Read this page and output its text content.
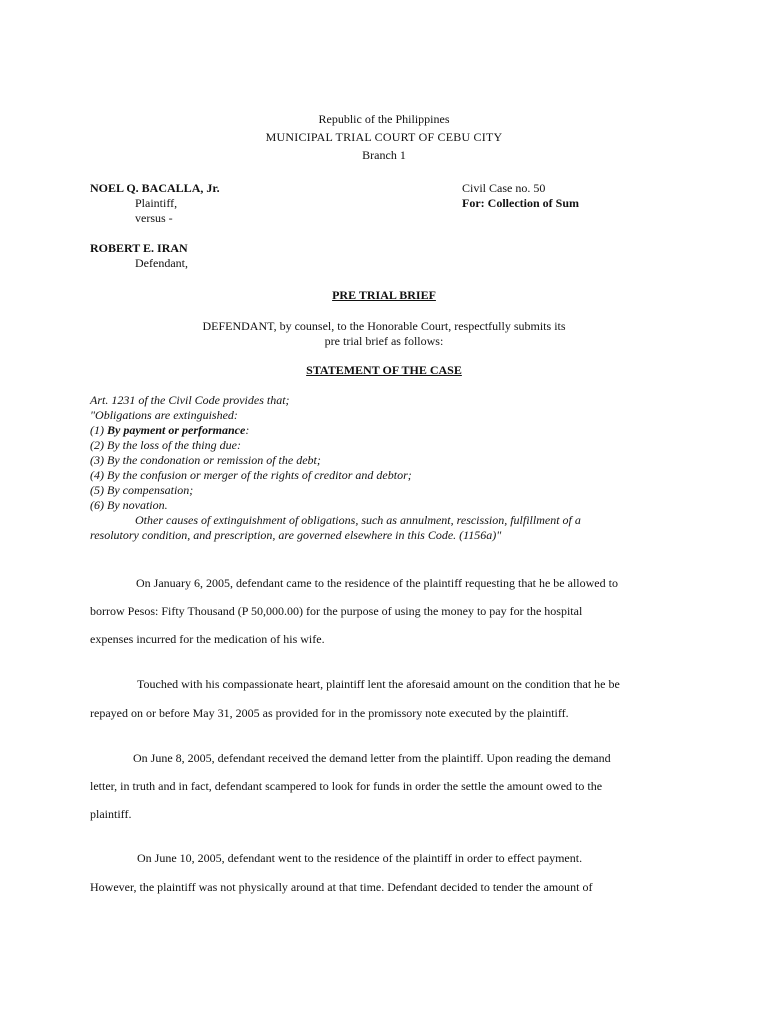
Republic of the Philippines
MUNICIPAL TRIAL COURT OF CEBU CITY
Branch 1
NOEL Q. BACALLA, Jr.
Plaintiff,
versus -
Civil Case no. 50
For: Collection of Sum
ROBERT E. IRAN
Defendant,
PRE TRIAL BRIEF
DEFENDANT, by counsel, to the Honorable Court, respectfully submits its
pre trial brief as follows:
STATEMENT OF THE CASE
Art. 1231 of the Civil Code provides that;
"Obligations are extinguished:
(1) By payment or performance:
(2) By the loss of the thing due:
(3) By the condonation or remission of the debt;
(4) By the confusion or merger of the rights of creditor and debtor;
(5) By compensation;
(6) By novation.
Other causes of extinguishment of obligations, such as annulment, rescission, fulfillment of a
resolutory condition, and prescription, are governed elsewhere in this Code. (1156a)"
On January 6, 2005, defendant came to the residence of the plaintiff requesting that he be allowed to
borrow Pesos: Fifty Thousand (P 50,000.00) for the purpose of using the money to pay for the hospital
expenses incurred for the medication of his wife.
Touched with his compassionate heart, plaintiff lent the aforesaid amount on the condition that he be
repayed on or before May 31, 2005 as provided for in the promissory note executed by the plaintiff.
On June 8, 2005, defendant received the demand letter from the plaintiff. Upon reading the demand
letter, in truth and in fact, defendant scampered to look for funds in order the settle the amount owed to the
plaintiff.
On June 10, 2005, defendant went to the residence of the plaintiff in order to effect payment.
However, the plaintiff was not physically around at that time. Defendant decided to tender the amount of
